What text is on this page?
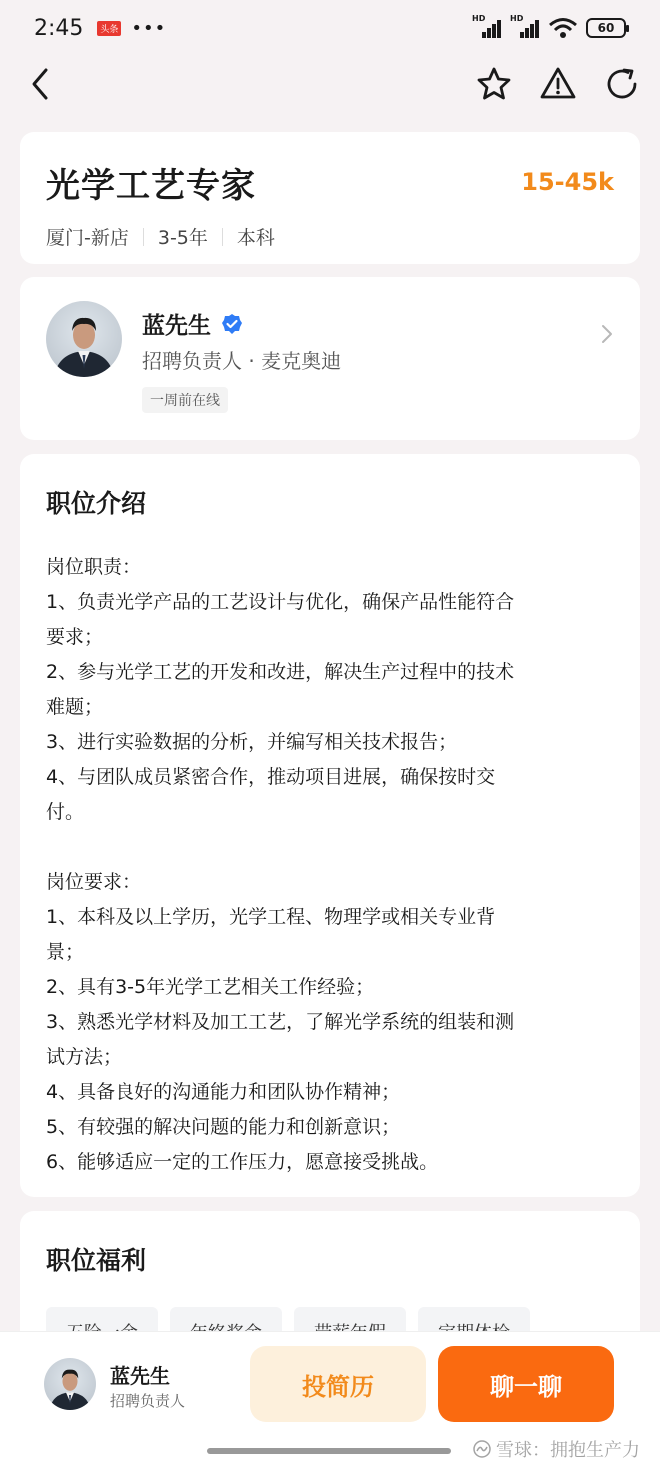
2:45	头条 •••	HD	HD
60
光学工艺专家	15-45k
厦门-新店 3-5年 本科
蓝先生
招聘负责人 · 麦克奥迪
一周前在线
职位介绍
岗位职责：
1、负责光学产品的工艺设计与优化，确保产品性能符合
要求；
2、参与光学工艺的开发和改进，解决生产过程中的技术
难题；
3、进行实验数据的分析，并编写相关技术报告；
4、与团队成员紧密合作，推动项目进展，确保按时交
付。
岗位要求：
1、本科及以上学历，光学工程、物理学或相关专业背
景；
2、具有3-5年光学工艺相关工作经验；
3、熟悉光学材料及加工工艺，了解光学系统的组装和测
试方法；
4、具备良好的沟通能力和团队协作精神；
5、有较强的解决问题的能力和创新意识；
6、能够适应一定的工作压力，愿意接受挑战。
职位福利
蓝先生
招聘负责人
投简历	聊一聊
雪球：拥抱生产力
